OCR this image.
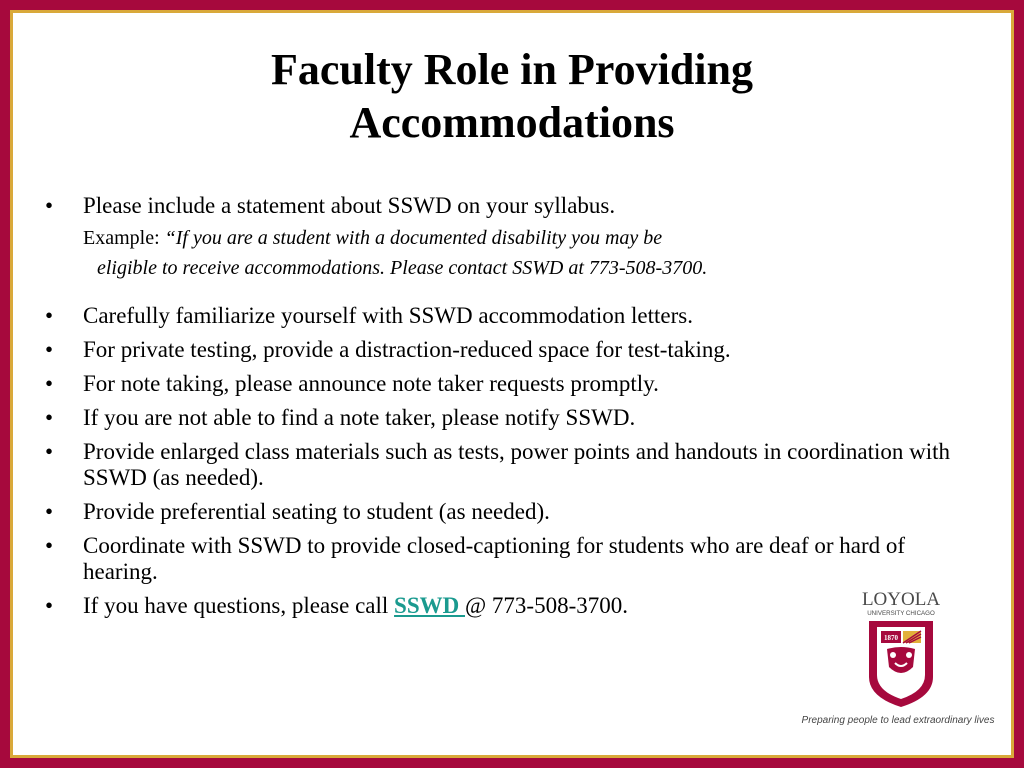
Faculty Role in Providing
Accommodations
• Please include a statement about SSWD on your syllabus.
Example: “If you are a student with a documented disability you may be
eligible to receive accommodations. Please contact SSWD at 773-508-3700.
• Carefully familiarize yourself with SSWD accommodation letters.
• For private testing, provide a distraction-reduced space for test-taking.
• For note taking, please announce note taker requests promptly.
• If you are not able to find a note taker, please notify SSWD.
• Provide enlarged class materials such as tests, power points and handouts in coordination with SSWD (as needed).
• Provide preferential seating to student (as needed).
• Coordinate with SSWD to provide closed-captioning for students who are deaf or hard of hearing.
• If you have questions, please call SSWD @ 773-508-3700.	LOYOLA
UNIVERSITY CHICAGO
1870
Preparing people to lead extraordinary lives
